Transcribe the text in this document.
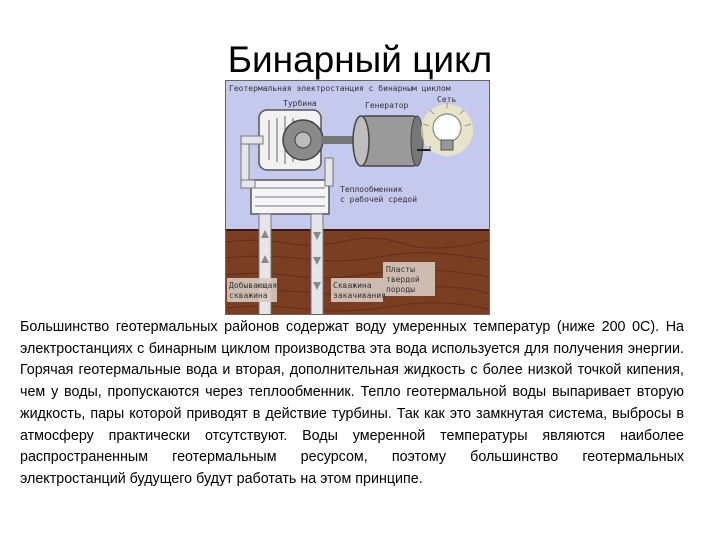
Бинарный цикл
Геотермальная электростанция с бинарным циклом
Турбина	Генератор
Сеть
Теплообменник
с рабочей средой
Пласты
твердой
породы
Добывающая
скважина
Скважина
закачивания
Большинство геотермальных районов содержат воду умеренных температур (ниже 200 0С). На электростанциях с бинарным циклом производства эта вода используется для получения энергии. Горячая геотермальные вода и вторая, дополнительная жидкость с более низкой точкой кипения, чем у воды, пропускаются через теплообменник. Тепло геотермальной воды выпаривает вторую жидкость, пары которой приводят в действие турбины. Так как это замкнутая система, выбросы в атмосферу практически отсутствуют. Воды умеренной температуры являются наиболее распространенным геотермальным ресурсом, поэтому большинство геотермальных электростанций будущего будут работать на этом принципе.
